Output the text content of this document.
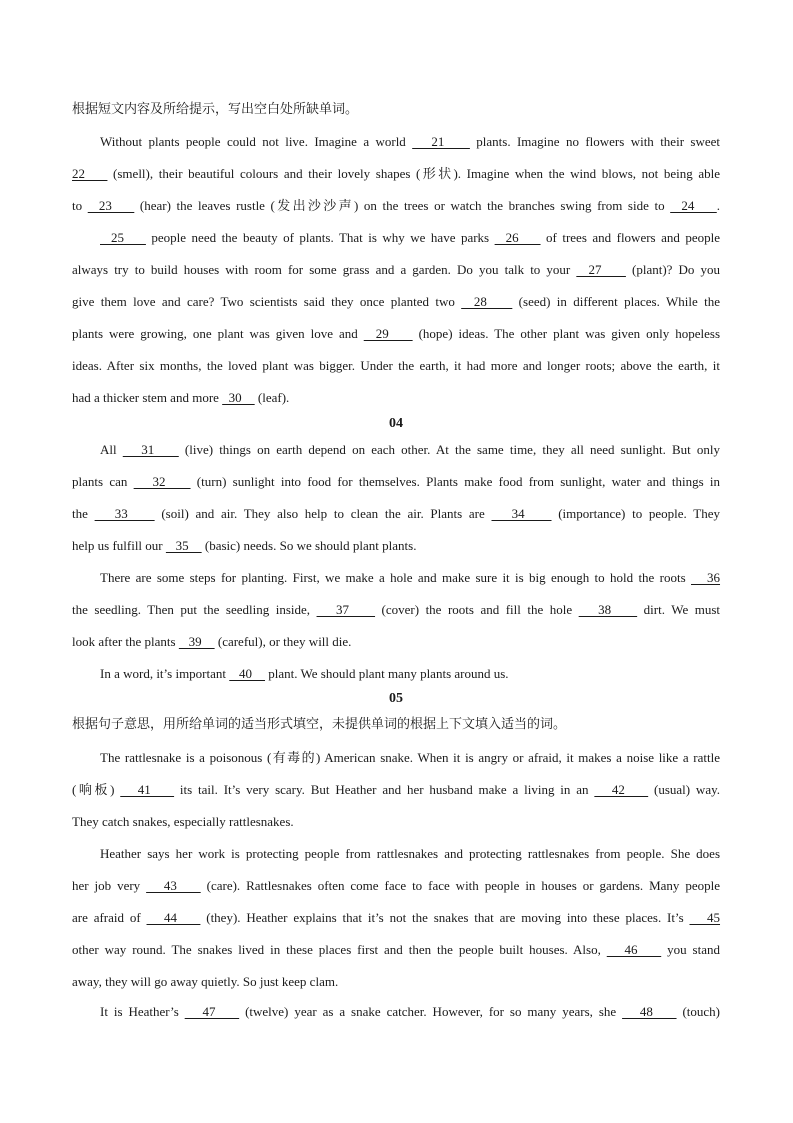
根据短文内容及所给提示，写出空白处所缺单词。
04
05
根据句子意思，用所给单词的适当形式填空，未提供单词的根据上下文填入适当的词。
Without plants people could not live. Imagine a world    21     plants. Imagine no flowers with their sweet
22     (smell), their beautiful colours and their lovely shapes (形状). Imagine when the wind blows, not being able
to   23     (hear) the leaves rustle (发出沙沙声) on the trees or watch the branches swing from side to   24    .
25     people need the beauty of plants. That is why we have parks   26     of trees and flowers and people
always try to build houses with room for some grass and a garden. Do you talk to your   27     (plant)? Do you
give them love and care? Two scientists said they once planted two   28     (seed) in different places. While the
plants were growing, one plant was given love and   29     (hope) ideas. The other plant was given only hopeless
ideas. After six months, the loved plant was bigger. Under the earth, it had more and longer roots; above the earth, it
had a thicker stem and more   30     (leaf).
All    31     (live) things on earth depend on each other. At the same time, they all need sunlight. But only
plants can    32     (turn) sunlight into food for themselves. Plants make food from sunlight, water and things in
the    33     (soil) and air. They also help to clean the air. Plants are    34     (importance) to people. They
help us fulfill our    35     (basic) needs. So we should plant plants.
There are some steps for planting. First, we make a hole and make sure it is big enough to hold the roots    36
the seedling. Then put the seedling inside,    37     (cover) the roots and fill the hole    38     dirt. We must
look after the plants    39     (careful), or they will die.
In a word, it’s important    40     plant. We should plant many plants around us.
The rattlesnake is a poisonous (有毒的) American snake. When it is angry or afraid, it makes a noise like a rattle
(响板)    41     its tail. It’s very scary. But Heather and her husband make a living in an    42     (usual) way.
They catch snakes, especially rattlesnakes.
Heather says her work is protecting people from rattlesnakes and protecting rattlesnakes from people. She does
her job very    43     (care). Rattlesnakes often come face to face with people in houses or gardens. Many people
are afraid of    44     (they). Heather explains that it’s not the snakes that are moving into these places. It’s    45
other way round. The snakes lived in these places first and then the people built houses. Also,    46     you stand
away, they will go away quietly. So just keep clam.
It is Heather’s    47     (twelve) year as a snake catcher. However, for so many years, she    48     (touch)
